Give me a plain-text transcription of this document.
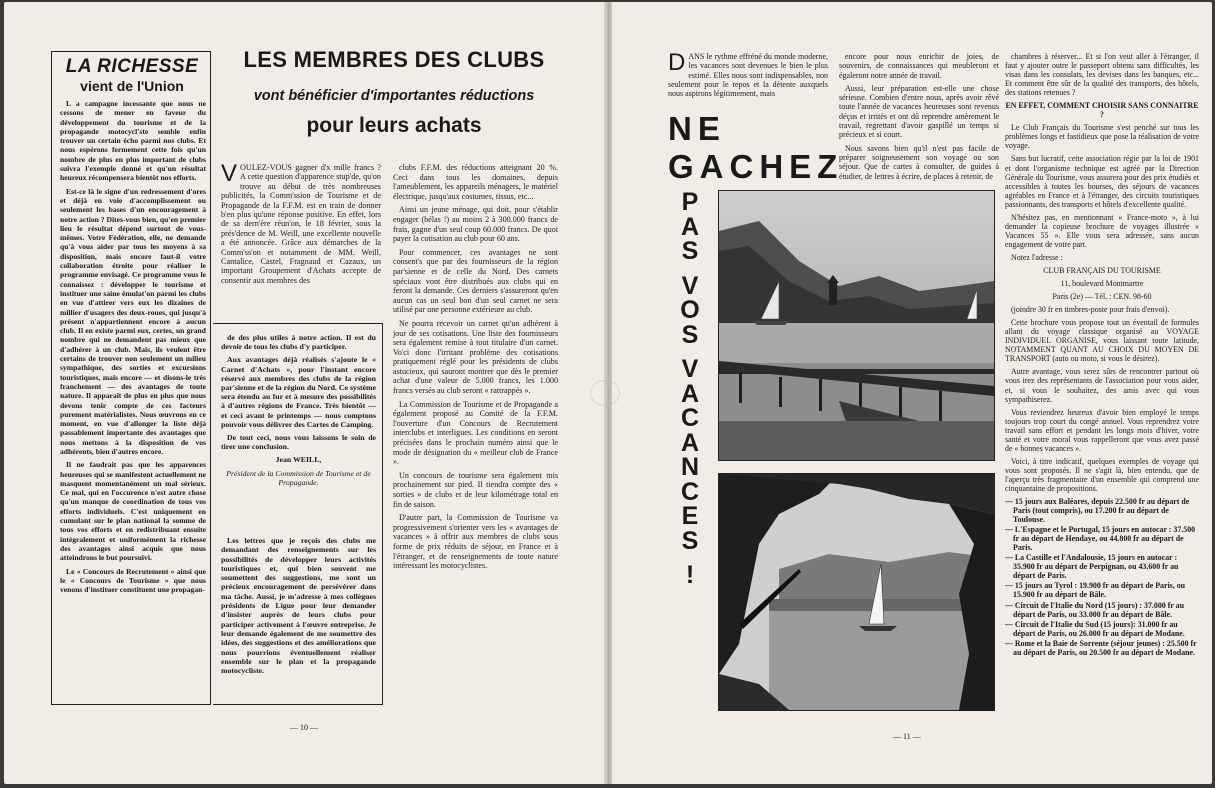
LA RICHESSE
vient de l'Union

L a campagne incessante que nous ne cessons de mener en faveur du développement du tourisme et de la propagande motocycl'ste semble enfin trouver un certain écho parmi nos clubs. Et nous espérons fermement cette fois qu'un nombre de plus en plus important de clubs suivra l'exemple donné et qu'un résultat heureux récompensera bientôt nos efforts.

Est-ce là le signe d'un redressement d'ores et déjà en voie d'accomplissement ou seulement les bases d'un encouragement à notre action ? Dites-vous bien, qu'en premier lieu le résultat dépend surtout de vous-mêmes. Votre Fédération, elle, ne demande qu'à vous aider par tous les moyens à sa disposition, mais encore faut-il votre collaboration étroite pour réaliser le programme envisagé. Ce programme vous le connaissez : développer le tourisme et instituer une saine émulat'on parmi les clubs en vue d'attirer vers eux les dizaines de millier d'usagers des deux-roues, qui jusqu'à présent n'appartiennent encore à aucun club. Il en existe parmi eux, certes, un grand nombre qui ne demandent pas mieux que d'adhérer à un club. Mais, ils veulent être certains de trouver non seulement un milieu sympathique, des sorties et excursions touristiques, mais encore — et disons-le très franchement — des avantages de toute nature. Il apparaît de plus en plus que nous devons tenir compte de ces facteurs purement matérialistes. Nous œuvrons en ce moment, en vue d'allonger la liste déjà passablement importante des avantages que nous mettons à la disposition de vos adhérents, bien d'autres encore.

Il ne faudrait pas que les apparences heureuses qui se manifestent actuellement ne masquent momentanément un mal sérieux. Ce mal, qui en l'occurence n'est autre chose qu'un manque de coordination de tous vos efforts individuels. C'est uniquement en cumulant sur le plan national la somme de tous vos efforts et en redistribuant ensuite intégralement et uniformément la richesse des avantages ainsi acquis que nous atteindrons le but poursuivi.

Le « Concours de Recrutement » ainsi que le « Concours de Tourisme » que nous venons d'instituer constituent une propagan-

LES MEMBRES DES CLUBS
vont bénéficier d'importantes réductions
pour leurs achats

VOULEZ-VOUS gagner d'x mille francs ? A cette question d'apparence stup'de, qu'on trouve au début de très nombreuses publicités, la Comm'ssion de Tourisme et de Propagande de la F.F.M. est en train de donner b'en plus qu'une réponse positive. En effet, lors de sa dern'ère réun'on, le 18 février, sous la prés'dence de M. Weill, une excellente nouvelle a été annoncée. Grâce aux démarches de la Comm'ss'on et notamment de MM. Weill, Cantalice, Castel, Fragnaud et Cazaux, un important Groupement d'Achats accepte de consentir aux membres des

de des plus utiles à notre action. Il est du devoir de tous les clubs d'y participer.

Aux avantages déjà réalisés s'ajoute le « Carnet d'Achats », pour l'instant encore réservé aux membres des clubs de la région par'sienne et de la région du Nord. Ce système sera étendu au fur et à mesure des possibilités à d'autres régions de France. Très bientôt — et ceci avant le printemps — nous comptons pouvoir vous délivrer des Cartes de Camping.

De tout ceci, nous vous laissons le soin de tirer une conclusion.

Jean WEILL,

Président de la Commission de Tourisme et de Propagande.

Les lettres que je reçois des clubs me demandant des renseignements sur les possibilités de développer leurs activités touristiques et, qui bien souvent me soumettent des suggestions, me sont un précieux encouragement de persévérer dans ma tâche. Aussi, je m'adresse à mes collègues présidents de Ligue pour leur demander d'insister auprès de leurs clubs pour participer activement à l'œuvre entreprise. Je leur demande également de me soumettre des idées, des suggestions et des améliorations que nous pourrions éventuellement réaliser ensemble sur le plan et la propagande motocycliste.

clubs F.F.M. des réductions atteignant 20 %. Ceci dans tous les domaines, depuis l'ameublement, les appareils ménagers, le matériel électrique, jusqu'aux costumes, tissus, etc...

Ainsi un jeune ménage, qui doit, pour s'établir engager (hélas !) au moins 2 à 300.000 francs de frais, gagne d'un seul coup 60.000 francs. De quoi payer la cotisation au club pour 60 ans.

Pour commencer, ces avantages ne sont consent's que par des fournisseurs de la région par'sienne et de celle du Nord. Des carnets spéciaux vont être distribués aux clubs qui en feront la demande. Ces derniers s'assureront qu'en aucun cas un seul bon d'un seul carnet ne sera utilisé par une personne extérieure au club.

Ne pourra recevoir un carnet qu'un adhérent à jour de ses cotisations. Une liste des fournisseurs sera également remise à tout titulaire d'un carnet. Vo'ci donc l'irritant problème des cotisations pratiquement réglé pour les présidents de clubs astucieux, qui sauront montrer que dès le premier achat d'une valeur de 5.000 francs, les 1.000 francs versés au club seront « rattrappés ».

La Commission de Tourisme et de Propagande a également proposé au Comité de la F.F.M. l'ouverture d'un Concours de Recrutement interclubs et interligues. Les conditions en seront précisées dans le prochain numéro ainsi que le mode de désignation du « meilleur club de France ».

Un concours de tourisme sera également mis prochainement sur pied. Il tiendra compte des « sorties » de clubs et de leur kilométrage total en fin de saison.

D'autre part, la Commission de Tourisme va progressivement s'orienter vers les « avantages de vacances » à offrir aux membres de clubs sous forme de prix réduits de séjour, en France et à l'étranger, et de renseignements de toute nature intéressant les motocyclistes.

— 10 —

DANS le rythme effréné du monde moderne, les vacances sont devenues le bien le plus estimé. Elles nous sont indispensables, non seulement pour le repos et la détente auxquels nous aspirons légitimement, mais

encore pour nous enrichir de joies, de souvenirs, de connaissances qui meubleront et égaleront notre année de travail.

Aussi, leur préparation est-elle une chose sérieuse. Combien d'entre nous, après avoir rêvé toute l'année de vacances heureuses sont revenus déçus et irrités et ont dû reprendre amèrement le travail, regrettant d'avoir gaspillé un temps si précieux et si court.

Nous savons bien qu'il n'est pas facile de préparer soigneusement son voyage ou son séjour. Que de cartes à consulter, de guides à étudier, de lettres à écrire, de places à retenir, de

NE
GACHEZ
P
A
S
V
O
S
V
A
C
A
N
C
E
S
!

chambres à réserver... Et si l'on veut aller à l'étranger, il faut y ajouter outre le passeport obtenu sans difficultés, les visas dans les consulats, les devises dans les banques, etc... Et comment être sûr de la qualité des transports, des hôtels, des stations retenues ?

EN EFFET, COMMENT CHOISIR SANS CONNAITRE ?

Le Club Français du Tourisme s'est penché sur tous les problèmes longs et fastidieux que pose la réalisation de votre voyage.

Sans but lucratif, cette association régie par la loi de 1901 et dont l'organisme technique est agréé par la Direction Générale du Tourisme, vous assurera pour des prix étudiés et accessibles à toutes les bourses, des séjours de vacances agréables en France et à l'étranger, des circuits touristiques passionnants, des transports et hôtels d'excellente qualité.

N'hésitez pas, en mentionnant « France-moto », à lui demander la copieuse brochure de voyages illustrée « Vacances 55 ». Elle vous sera adressée, sans aucun engagement de votre part.

Notez l'adresse :

CLUB FRANÇAIS DU TOURISME

11, boulevard Montmartre

Paris (2e) — Tél. : CEN. 98-60

(joindre 30 fr en timbres-poste pour frais d'envoi).

Cette brochure vous propose tout un éventail de formules allant du voyage classique organisé au VOYAGE INDIVIDUEL ORGANISE, vous laissant toute latitude, NOTAMMENT QUANT AU CHOIX DU MOYEN DE TRANSPORT (auto ou moto, si vous le désirez).

Autre avantage, vous serez sûrs de rencontrer partout où vous irez des représentants de l'association pour vous aider, et, si vous le souhaitez, des amis avec qui vous sympathiserez.

Vous reviendrez heureux d'avoir bien employé le temps toujours trop court du congé annuel. Vous reprendrez votre travail sans effort et pendant les longs mois d'hiver, votre santé et votre moral vous rappelleront que vous avez passé de « bonnes vacances ».

Voici, à titre indicatif, quelques exemples de voyage qui vous sont proposés. Il ne s'agit là, bien entendu, que de l'aperçu très fragmentaire d'un ensemble qui comprend une cinquantaine de propositions.

— 15 jours aux Baléares, depuis 22.500 fr au départ de Paris (tout compris), ou 17.200 fr au départ de Toulouse.
— L'Espagne et le Portugal, 15 jours en autocar : 37.500 fr au départ de Hendaye, ou 44.800 fr au départ de Paris.
— La Castille et l'Andalousie, 15 jours en autocar : 35.900 fr au départ de Perpignan, ou 43.600 fr au départ de Paris.
— 15 jours au Tyrol : 19.900 fr au départ de Paris, ou 15.900 fr au départ de Bâle.
— Circuit de l'Italie du Nord (15 jours) : 37.000 fr au départ de Paris, ou 33.000 fr au départ de Bâle.
— Circuit de l'Italie du Sud (15 jours): 31.000 fr au départ de Paris, ou 26.000 fr au départ de Modane.
— Rome et la Baie de Sorrente (séjour jeunes) : 25.500 fr au départ de Paris, ou 20.500 fr au départ de Modane.
— 11 —
